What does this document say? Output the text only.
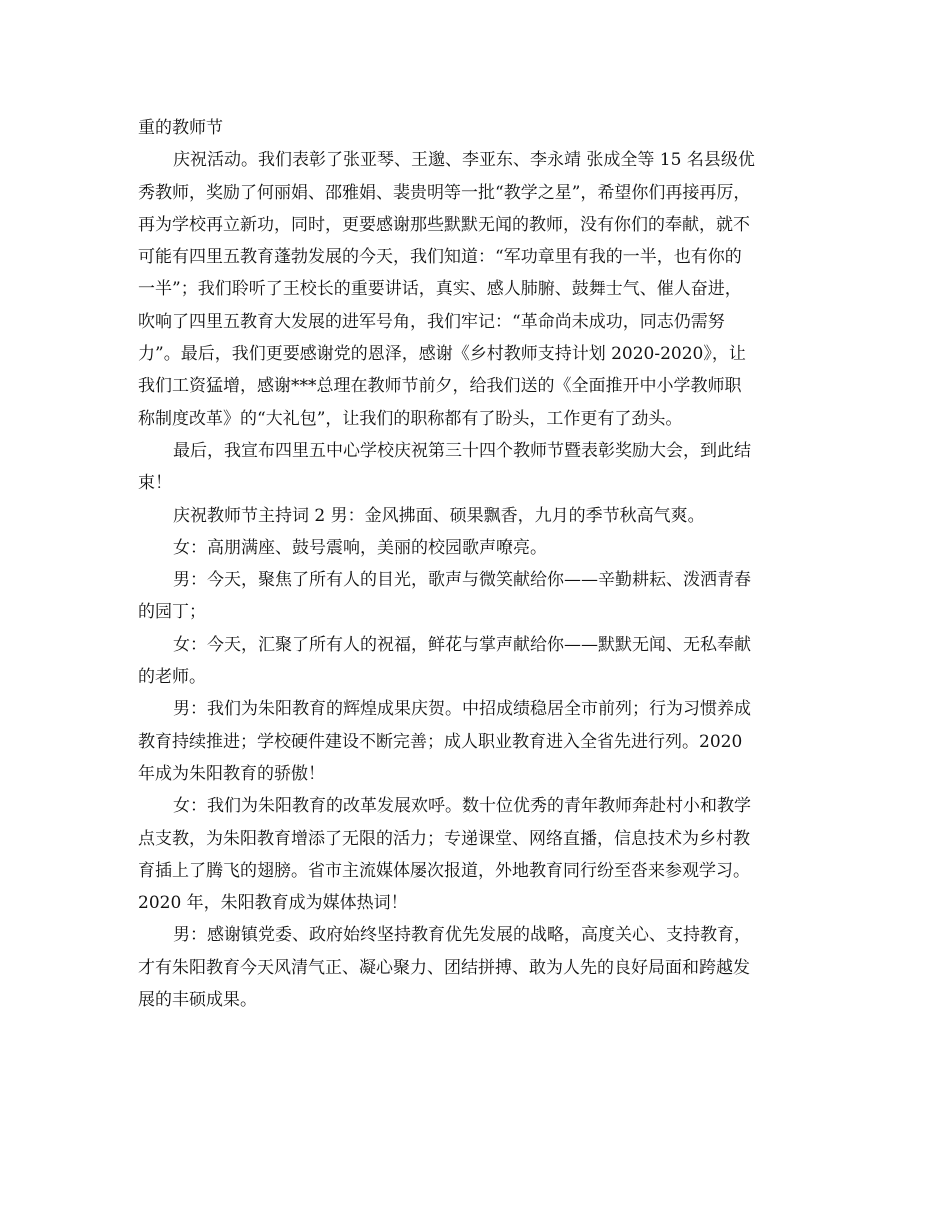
重的教师节
庆祝活动。我们表彰了张亚琴、王邈、李亚东、李永靖 张成全等 15 名县级优
秀教师，奖励了何丽娟、邵雅娟、裴贵明等一批“教学之星”，希望你们再接再厉，
再为学校再立新功，同时，更要感谢那些默默无闻的教师，没有你们的奉献，就不
可能有四里五教育蓬勃发展的今天，我们知道：“军功章里有我的一半，也有你的
一半”；我们聆听了王校长的重要讲话，真实、感人肺腑、鼓舞士气、催人奋进，
吹响了四里五教育大发展的进军号角，我们牢记：“革命尚未成功，同志仍需努
力”。最后，我们更要感谢党的恩泽，感谢《乡村教师支持计划 2020-2020》，让
我们工资猛增，感谢***总理在教师节前夕，给我们送的《全面推开中小学教师职
称制度改革》的“大礼包”，让我们的职称都有了盼头，工作更有了劲头。
最后，我宣布四里五中心学校庆祝第三十四个教师节暨表彰奖励大会，到此结
束！
庆祝教师节主持词 2 男：金风拂面、硕果飘香，九月的季节秋高气爽。
女：高朋满座、鼓号震响，美丽的校园歌声嘹亮。
男：今天，聚焦了所有人的目光，歌声与微笑献给你——辛勤耕耘、泼洒青春
的园丁；
女：今天，汇聚了所有人的祝福，鲜花与掌声献给你——默默无闻、无私奉献
的老师。
男：我们为朱阳教育的辉煌成果庆贺。中招成绩稳居全市前列；行为习惯养成
教育持续推进；学校硬件建设不断完善；成人职业教育进入全省先进行列。2020
年成为朱阳教育的骄傲！
女：我们为朱阳教育的改革发展欢呼。数十位优秀的青年教师奔赴村小和教学
点支教，为朱阳教育增添了无限的活力；专递课堂、网络直播，信息技术为乡村教
育插上了腾飞的翅膀。省市主流媒体屡次报道，外地教育同行纷至沓来参观学习。
2020 年，朱阳教育成为媒体热词！
男：感谢镇党委、政府始终坚持教育优先发展的战略，高度关心、支持教育，
才有朱阳教育今天风清气正、凝心聚力、团结拼搏、敢为人先的良好局面和跨越发
展的丰硕成果。
